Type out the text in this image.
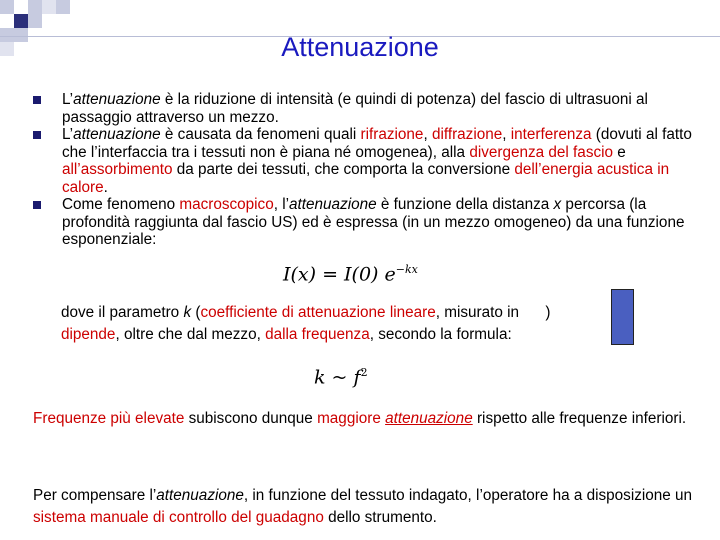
Attenuazione
L’attenuazione è la riduzione di intensità (e quindi di potenza) del fascio di ultrasuoni al passaggio attraverso un mezzo.
L’attenuazione è causata da fenomeni quali rifrazione, diffrazione, interferenza (dovuti al fatto che l’interfaccia tra i tessuti non è piana né omogenea), alla divergenza del fascio e all’assorbimento da parte dei tessuti, che comporta la conversione dell’energia acustica in calore.
Come fenomeno macroscopico, l’attenuazione è funzione della distanza x percorsa (la profondità raggiunta dal fascio US) ed è espressa (in un mezzo omogeneo) da una funzione esponenziale:
I(x) = I(0) $e^{-kx}$
dove il parametro k (coefficiente di attenuazione lineare, misurato in )
dipende, oltre che dal mezzo, dalla frequenza, secondo la formula:
k ~ $f^2$
Frequenze più elevate subiscono dunque maggiore attenuazione rispetto alle frequenze inferiori.
Per compensare l’attenuazione, in funzione del tessuto indagato, l’operatore ha a disposizione un sistema manuale di controllo del guadagno dello strumento.
